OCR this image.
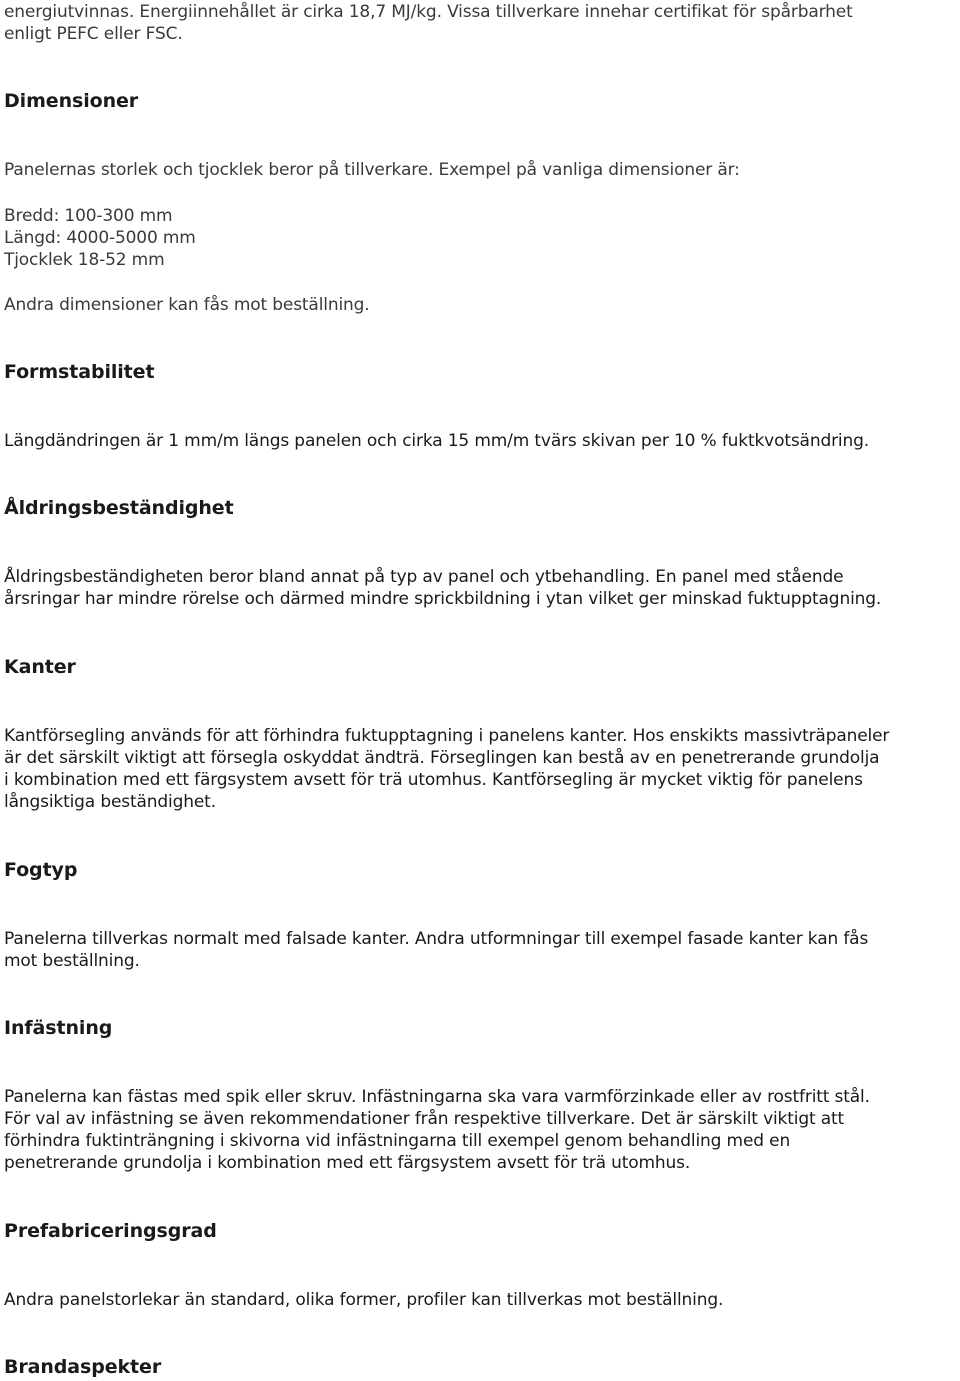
energiutvinnas. Energiinnehållet är cirka 18,7 MJ/kg. Vissa tillverkare innehar certifikat för spårbarhet
enligt PEFC eller FSC.
Dimensioner
Panelernas storlek och tjocklek beror på tillverkare. Exempel på vanliga dimensioner är:
Bredd: 100-300 mm
Längd: 4000-5000 mm
Tjocklek 18-52 mm
Andra dimensioner kan fås mot beställning.
Formstabilitet
Längdändringen är 1 mm/m längs panelen och cirka 15 mm/m tvärs skivan per 10 % fuktkvotsändring.
Åldringsbeständighet
Åldringsbeständigheten beror bland annat på typ av panel och ytbehandling. En panel med stående
årsringar har mindre rörelse och därmed mindre sprickbildning i ytan vilket ger minskad fuktupptagning.
Kanter
Kantförsegling används för att förhindra fuktupptagning i panelens kanter. Hos enskikts massivträpaneler
är det särskilt viktigt att försegla oskyddat ändträ. Förseglingen kan bestå av en penetrerande grundolja
i kombination med ett färgsystem avsett för trä utomhus. Kantförsegling är mycket viktig för panelens
långsiktiga beständighet.
Fogtyp
Panelerna tillverkas normalt med falsade kanter. Andra utformningar till exempel fasade kanter kan fås
mot beställning.
Infästning
Panelerna kan fästas med spik eller skruv. Infästningarna ska vara varmförzinkade eller av rostfritt stål.
För val av infästning se även rekommendationer från respektive tillverkare. Det är särskilt viktigt att
förhindra fuktinträngning i skivorna vid infästningarna till exempel genom behandling med en
penetrerande grundolja i kombination med ett färgsystem avsett för trä utomhus.
Prefabriceringsgrad
Andra panelstorlekar än standard, olika former, profiler kan tillverkas mot beställning.
Brandaspekter
